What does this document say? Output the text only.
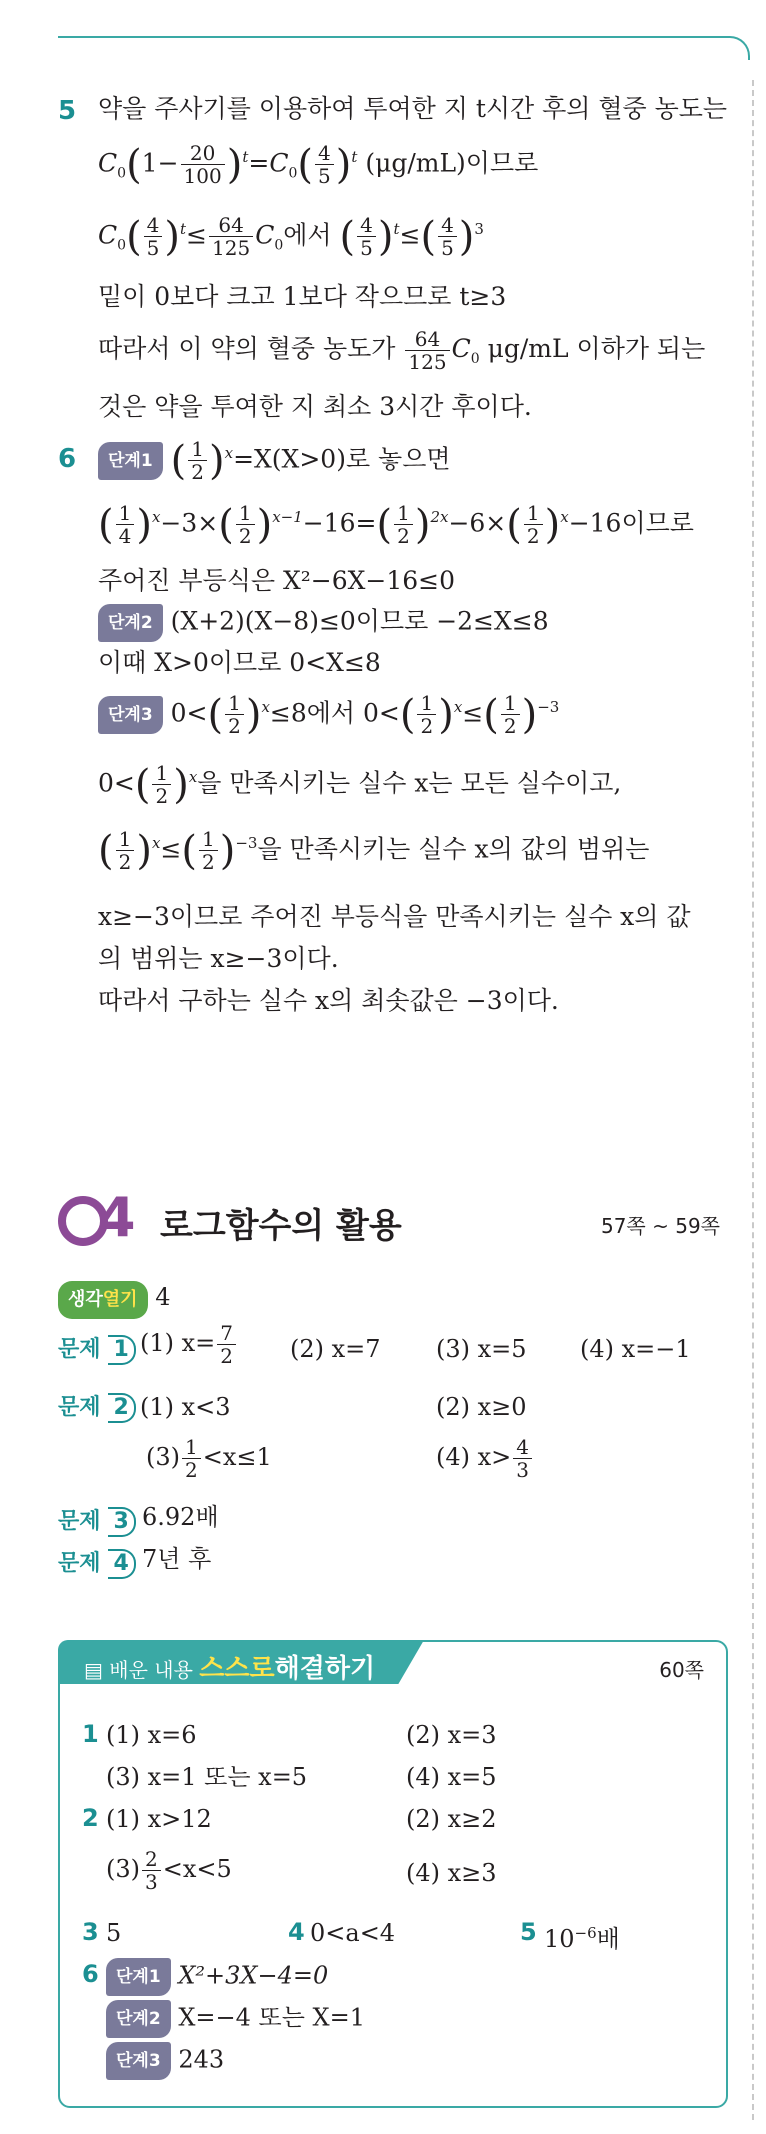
5 약을 주사기를 이용하여 투여한 지 t시간 후의 혈중 농도는
$C_0(1- \frac{20}{100} )^t=C_0( \frac{4}{5} )^t$ (μg/mL)이므로
$C_0( \frac{4}{5} )^t\le \frac{64}{125} C_0$에서 ( $\frac{4}{5} )^t\le( \frac{4}{5} )^3$
밑이 0보다 크고 1보다 작으므로 t≥3
따라서 이 약의 혈중 농도가 $\frac{64}{125} C_0$ μg/mL 이하가 되는
것은 약을 투여한 지 최소 3시간 후이다.
6	단계1 ( $\frac{1}{2} )^x=X(X>0)$로 놓으면
( $\frac{1}{4} )^x-3\times( \frac{1}{2} )^{x-1}-16=( \frac{1}{2} )^{2x}-6\times( \frac{1}{2} )^x-16$이므로
주어진 부등식은 X²−6X−16≤0
단계2 (X+2)(X−8)≤0이므로 −2≤X≤8
이때 X>0이므로 0<X≤8
단계3 $0<( \frac{1}{2} )^x\le 8$에서 $0<( \frac{1}{2} )^x\le( \frac{1}{2} )^{-3}$
$0<( \frac{1}{2} )^x$을 만족시키는 실수 x는 모든 실수이고,
( $\frac{1}{2} )^x\le( \frac{1}{2} )^{-3}$을 만족시키는 실수 x의 값의 범위는
x≥−3이므로 주어진 부등식을 만족시키는 실수 x의 값
의 범위는 x≥−3이다.
따라서 구하는 실수 x의 최솟값은 −3이다.
4 로그함수의 활용	57쪽 ~ 59쪽
생각열기 4
문제 1 (1) $x= \frac{7}{2} (2)$ x=7 (3) x=5 (4) x=−1
문제 2 (1) x<3	(2) x≥0
$(3) \frac{1}{2} <x\le 1$	(4) $x> \frac{4}{3}$
문제 3 6.92배
문제 4 7년 후
▤ 배운 내용 스스로해결하기	60쪽
1 (1) x=6	(2) x=3
(3) x=1 또는 x=5	(4) x=5
2 (1) x>12	(2) x≥2
$(3) \frac{2}{3} <x<5$	(4) x≥3
3 5	4 0<a<4	5 $10^{-6}$배
6	단계1 X²+3X−4=0
단계2 X=−4 또는 X=1
단계3 243
